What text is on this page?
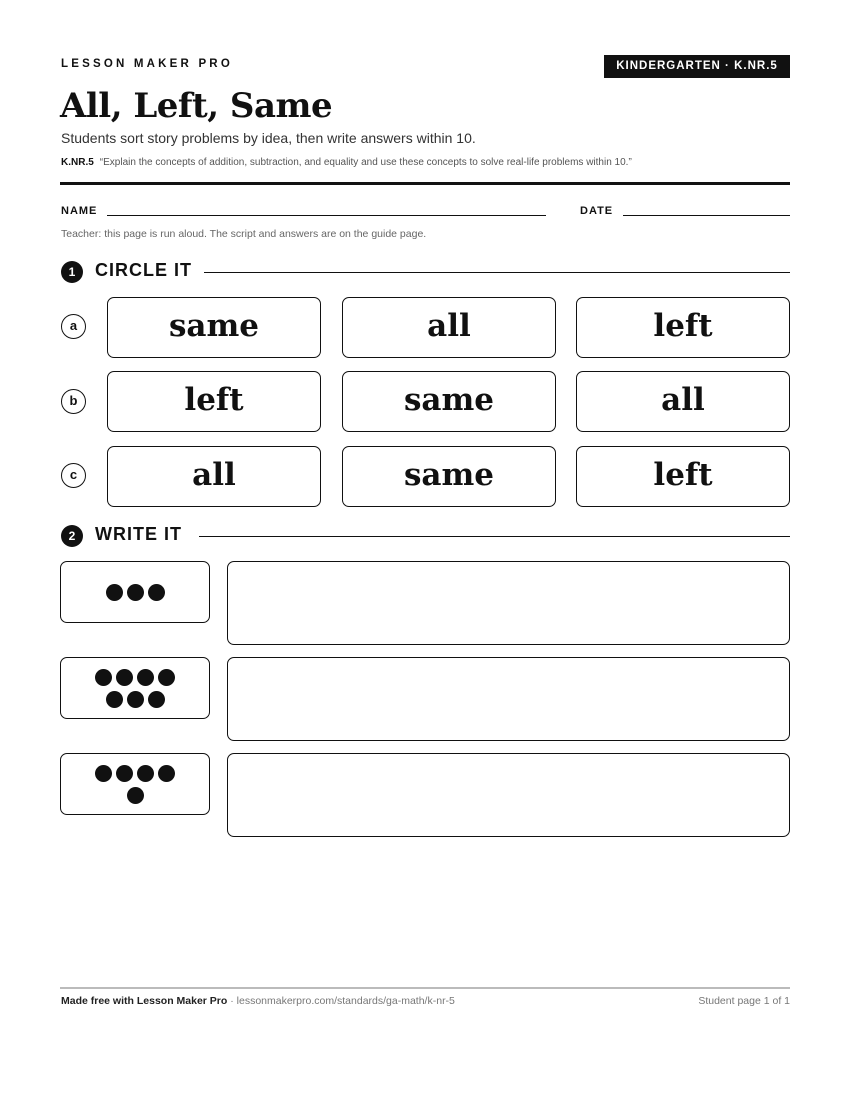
LESSON MAKER PRO	KINDERGARTEN · K.NR.5
All, Left, Same
Students sort story problems by idea, then write answers within 10.
K.NR.5 “Explain the concepts of addition, subtraction, and equality and use these concepts to solve real-life problems within 10.”
NAME	DATE
Teacher: this page is run aloud. The script and answers are on the guide page.
1	CIRCLE IT
a	same	all	left
b	left	same	all
c	all	same	left
2	WRITE IT
Made free with Lesson Maker Pro · lessonmakerpro.com/standards/ga-math/k-nr-5	Student page 1 of 1
